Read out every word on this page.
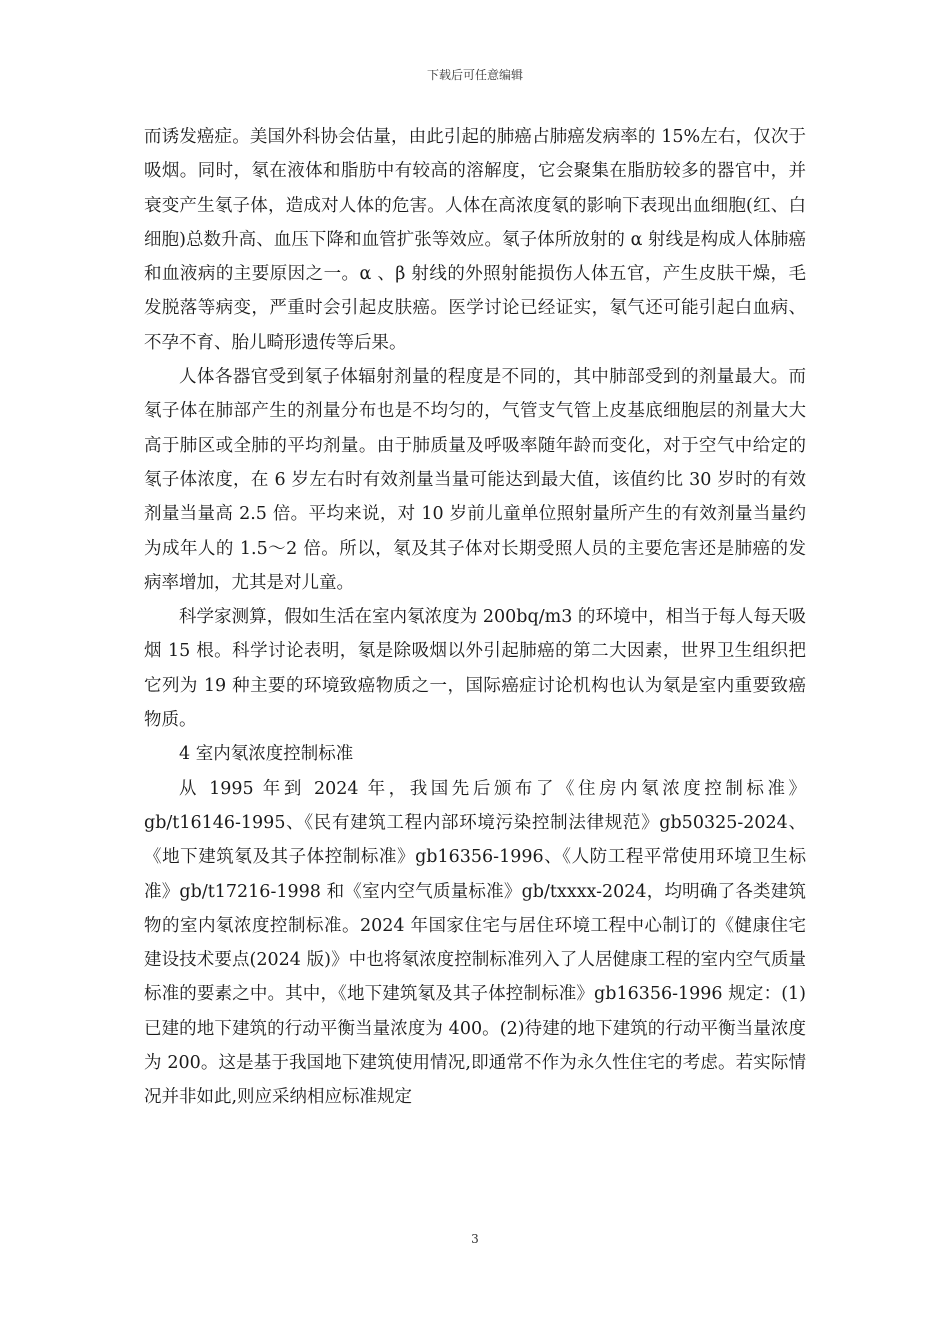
下载后可任意编辑

而诱发癌症。美国外科协会估量，由此引起的肺癌占肺癌发病率的 15%左右，仅次于吸烟。同时，氡在液体和脂肪中有较高的溶解度，它会聚集在脂肪较多的器官中，并衰变产生氡子体，造成对人体的危害。人体在高浓度氡的影响下表现出血细胞(红、白细胞)总数升高、血压下降和血管扩张等效应。氡子体所放射的 α 射线是构成人体肺癌和血液病的主要原因之一。α 、β 射线的外照射能损伤人体五官，产生皮肤干燥，毛发脱落等病变，严重时会引起皮肤癌。医学讨论已经证实，氡气还可能引起白血病、不孕不育、胎儿畸形遗传等后果。

人体各器官受到氡子体辐射剂量的程度是不同的，其中肺部受到的剂量最大。而氡子体在肺部产生的剂量分布也是不均匀的，气管支气管上皮基底细胞层的剂量大大高于肺区或全肺的平均剂量。由于肺质量及呼吸率随年龄而变化，对于空气中给定的氡子体浓度，在 6 岁左右时有效剂量当量可能达到最大值，该值约比 30 岁时的有效剂量当量高 2.5 倍。平均来说，对 10 岁前儿童单位照射量所产生的有效剂量当量约为成年人的 1.5～2 倍。所以，氡及其子体对长期受照人员的主要危害还是肺癌的发病率增加，尤其是对儿童。

科学家测算，假如生活在室内氡浓度为 200bq/m3 的环境中，相当于每人每天吸烟 15 根。科学讨论表明，氡是除吸烟以外引起肺癌的第二大因素，世界卫生组织把它列为 19 种主要的环境致癌物质之一，国际癌症讨论机构也认为氡是室内重要致癌物质。

4 室内氡浓度控制标准

从 1995 年到 2024 年，我国先后颁布了《住房内氡浓度控制标准》gb/t16146-1995、《民有建筑工程内部环境污染控制法律规范》gb50325-2024、《地下建筑氡及其子体控制标准》gb16356-1996、《人防工程平常使用环境卫生标准》gb/t17216-1998 和《室内空气质量标准》gb/txxxx-2024，均明确了各类建筑物的室内氡浓度控制标准。2024 年国家住宅与居住环境工程中心制订的《健康住宅建设技术要点(2024 版)》中也将氡浓度控制标准列入了人居健康工程的室内空气质量标准的要素之中。其中，《地下建筑氡及其子体控制标准》gb16356-1996 规定：(1)已建的地下建筑的行动平衡当量浓度为 400。(2)待建的地下建筑的行动平衡当量浓度为 200。这是基于我国地下建筑使用情况,即通常不作为永久性住宅的考虑。若实际情况并非如此,则应采纳相应标准规定

3
